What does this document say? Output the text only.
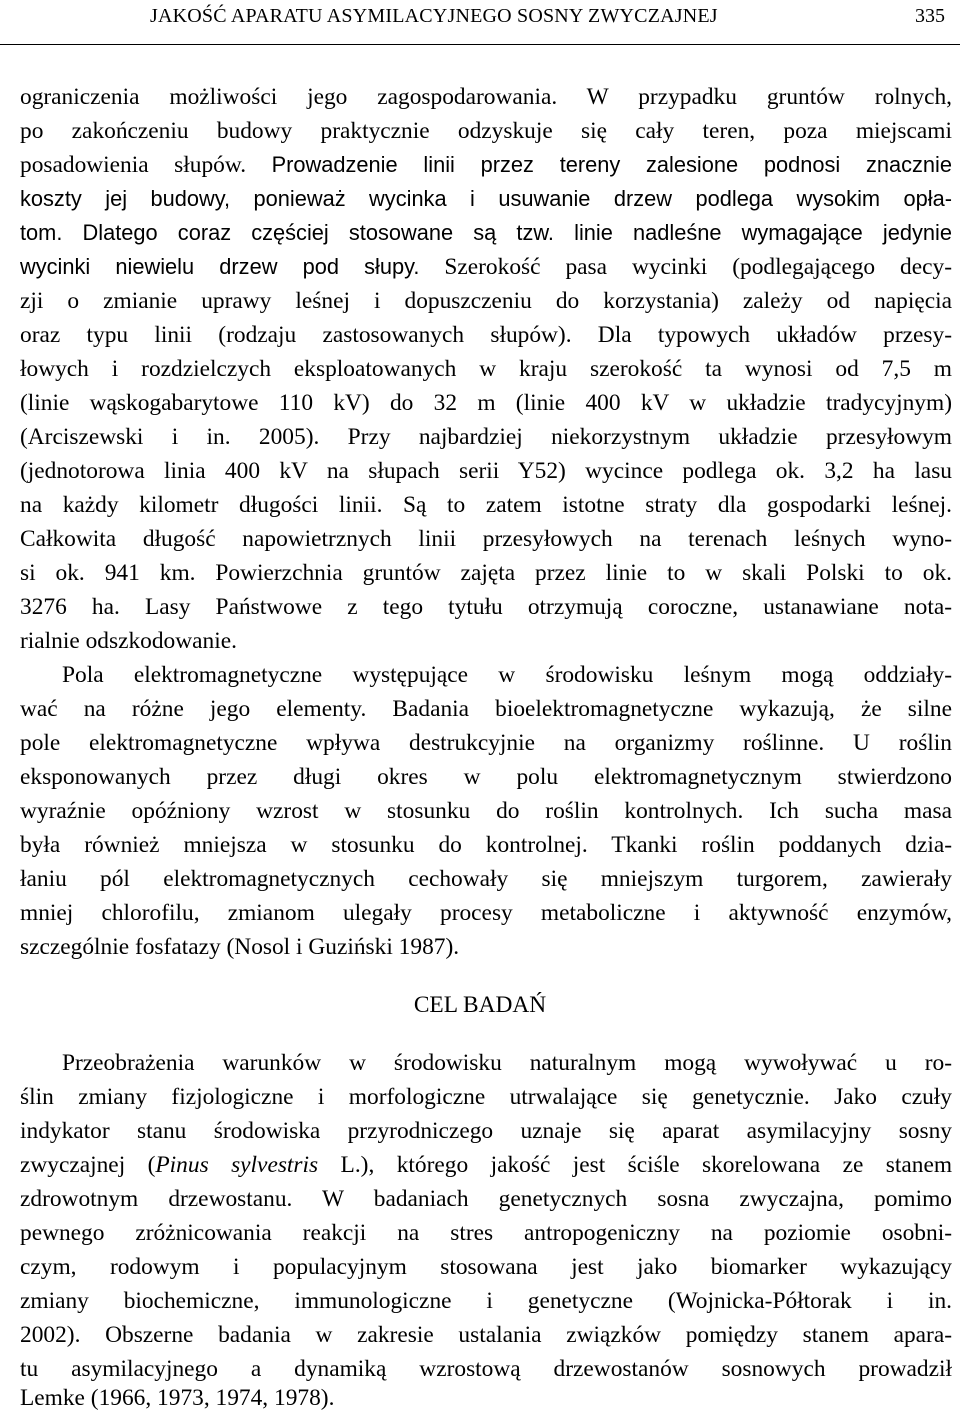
JAKOŚĆ APARATU ASYMILACYJNEGO SOSNY ZWYCZAJNEJ	335
ograniczenia możliwości jego zagospodarowania. W przypadku gruntów rolnych,
po zakończeniu budowy praktycznie odzyskuje się cały teren, poza miejscami
posadowienia słupów. Prowadzenie linii przez tereny zalesione podnosi znacznie
koszty jej budowy, ponieważ wycinka i usuwanie drzew podlega wysokim opła-
tom. Dlatego coraz częściej stosowane są tzw. linie nadleśne wymagające jedynie
wycinki niewielu drzew pod słupy. Szerokość pasa wycinki (podlegającego decy-
zji o zmianie uprawy leśnej i dopuszczeniu do korzystania) zależy od napięcia
oraz typu linii (rodzaju zastosowanych słupów). Dla typowych układów przesy-
łowych i rozdzielczych eksploatowanych w kraju szerokość ta wynosi od 7,5 m
(linie wąskogabarytowe 110 kV) do 32 m (linie 400 kV w układzie tradycyjnym)
(Arciszewski i in. 2005). Przy najbardziej niekorzystnym układzie przesyłowym
(jednotorowa linia 400 kV na słupach serii Y52) wycince podlega ok. 3,2 ha lasu
na każdy kilometr długości linii. Są to zatem istotne straty dla gospodarki leśnej.
Całkowita długość napowietrznych linii przesyłowych na terenach leśnych wyno-
si ok. 941 km. Powierzchnia gruntów zajęta przez linie to w skali Polski to ok.
3276 ha. Lasy Państwowe z tego tytułu otrzymują coroczne, ustanawiane nota-
rialnie odszkodowanie.
Pola elektromagnetyczne występujące w środowisku leśnym mogą oddziały-
wać na różne jego elementy. Badania bioelektromagnetyczne wykazują, że silne
pole elektromagnetyczne wpływa destrukcyjnie na organizmy roślinne. U roślin
eksponowanych przez długi okres w polu elektromagnetycznym stwierdzono
wyraźnie opóźniony wzrost w stosunku do roślin kontrolnych. Ich sucha masa
była również mniejsza w stosunku do kontrolnej. Tkanki roślin poddanych dzia-
łaniu pól elektromagnetycznych cechowały się mniejszym turgorem, zawierały
mniej chlorofilu, zmianom ulegały procesy metaboliczne i aktywność enzymów,
szczególnie fosfatazy (Nosol i Guziński 1987).
CEL BADAŃ
Przeobrażenia warunków w środowisku naturalnym mogą wywoływać u ro-
ślin zmiany fizjologiczne i morfologiczne utrwalające się genetycznie. Jako czuły
indykator stanu środowiska przyrodniczego uznaje się aparat asymilacyjny sosny
zwyczajnej (Pinus sylvestris L.), którego jakość jest ściśle skorelowana ze stanem
zdrowotnym drzewostanu. W badaniach genetycznych sosna zwyczajna, pomimo
pewnego zróżnicowania reakcji na stres antropogeniczny na poziomie osobni-
czym, rodowym i populacyjnym stosowana jest jako biomarker wykazujący
zmiany biochemiczne, immunologiczne i genetyczne (Wojnicka-Półtorak i in.
2002). Obszerne badania w zakresie ustalania związków pomiędzy stanem apara-
tu asymilacyjnego a dynamiką wzrostową drzewostanów sosnowych prowadził
Lemke (1966, 1973, 1974, 1978).
